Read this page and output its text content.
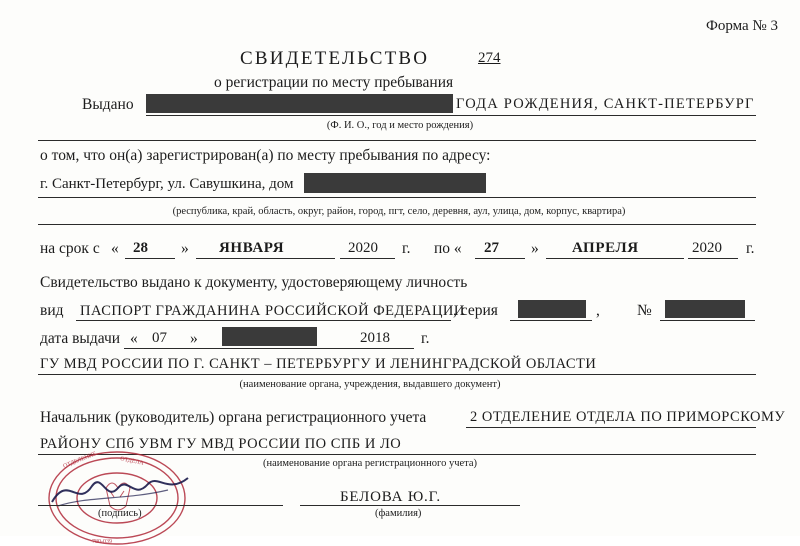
Форма № 3
СВИДЕТЕЛЬСТВО	274
о регистрации по месту пребывания
Выдано	ГОДА РОЖДЕНИЯ, САНКТ-ПЕТЕРБУРГ
(Ф. И. О., год и место рождения)
о том, что он(а) зарегистрирован(а) по месту пребывания по адресу:
г. Санкт-Петербург, ул. Савушкина, дом
(республика, край, область, округ, район, город, пгт, село, деревня, аул, улица, дом, корпус, квартира)
на срок с « 28 » ЯНВАРЯ	2020 г. по « 27 » АПРЕЛЯ	2020 г.
Свидетельство выдано к документу, удостоверяющему личность
вид ПАСПОРТ ГРАЖДАНИНА РОССИЙСКОЙ ФЕДЕРАЦИИ
, серия	, №
дата выдачи « 07 »	2018 г.
ГУ МВД РОССИИ ПО Г. САНКТ – ПЕТЕРБУРГУ И ЛЕНИНГРАДСКОЙ ОБЛАСТИ
(наименование органа, учреждения, выдавшего документ)
Начальник (руководитель) органа регистрационного учета	2 ОТДЕЛЕНИЕ ОТДЕЛА ПО ПРИМОРСКОМУ
РАЙОНУ СПб УВМ ГУ МВД РОССИИ ПО СПБ И ЛО
(наименование органа регистрационного учета)
ОТДЕЛЕНИЕ	ОТДЕЛА
780-039
(подпись)
БЕЛОВА Ю.Г.
(фамилия)
